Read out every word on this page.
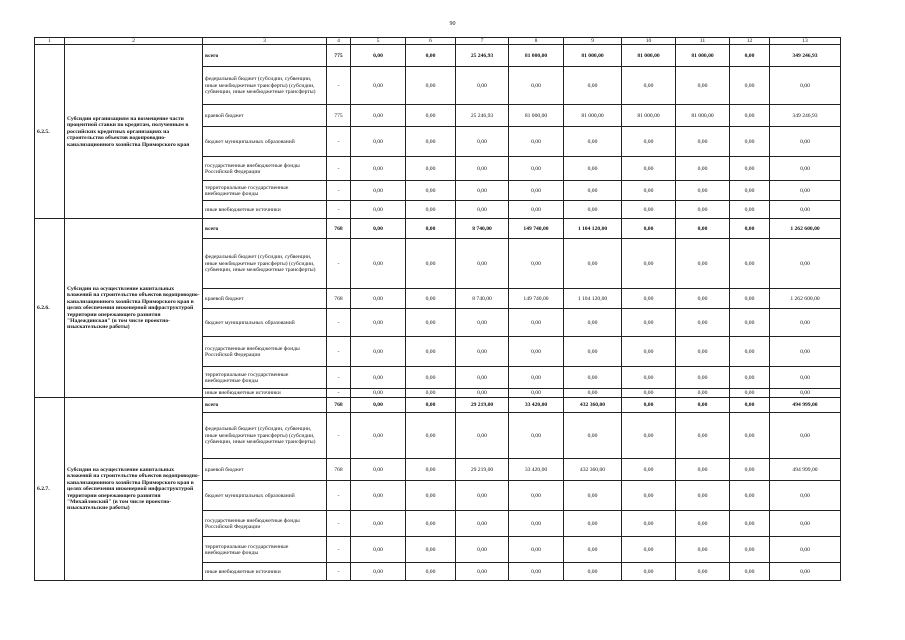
90
1	2	3	4	5	6	7	8	9	10	11	12	13
6.2.5.	Субсидии организациям на возмещение части процентной ставки по кредитам, полученным в российских кредитных организациях на строительство объектов водопроводно-канализационного хозяйства Приморского края	всего	775	0,00	0,00	25 246,93	81 000,00	81 000,00	81 000,00	81 000,00	0,00	349 246,93
		федеральный бюджет (субсидии, субвенции, иные межбюджетные трансферты) (субсидии, субвенции, иные межбюджетные трансферты)	-	0,00	0,00	0,00	0,00	0,00	0,00	0,00	0,00	0,00
		краевой бюджет	775	0,00	0,00	25 246,93	81 000,00	81 000,00	81 000,00	81 000,00	0,00	349 246,93
		бюджет муниципальных образований	-	0,00	0,00	0,00	0,00	0,00	0,00	0,00	0,00	0,00
		государственные внебюджетные фонды Российской Федерации	-	0,00	0,00	0,00	0,00	0,00	0,00	0,00	0,00	0,00
		территориальные государственные внебюджетные фонды	-	0,00	0,00	0,00	0,00	0,00	0,00	0,00	0,00	0,00
		иные внебюджетные источники	-	0,00	0,00	0,00	0,00	0,00	0,00	0,00	0,00	0,00
6.2.6.	Субсидии на осуществление капитальных вложений на строительство объектов водопроводно-канализационного хозяйства Приморского края в целях обеспечения инженерной инфраструктурой территории опережающего развития "Надеждинская" (в том числе проектно-изыскательские работы)	всего	768	0,00	0,00	8 740,00	149 740,00	1 104 120,00	0,00	0,00	0,00	1 262 600,00
		федеральный бюджет (субсидии, субвенции, иные межбюджетные трансферты) (субсидии, субвенции, иные межбюджетные трансферты)	-	0,00	0,00	0,00	0,00	0,00	0,00	0,00	0,00	0,00
		краевой бюджет	768	0,00	0,00	8 740,00	149 740,00	1 104 120,00	0,00	0,00	0,00	1 262 600,00
		бюджет муниципальных образований	-	0,00	0,00	0,00	0,00	0,00	0,00	0,00	0,00	0,00
		государственные внебюджетные фонды Российской Федерации	-	0,00	0,00	0,00	0,00	0,00	0,00	0,00	0,00	0,00
		территориальные государственные внебюджетные фонды	-	0,00	0,00	0,00	0,00	0,00	0,00	0,00	0,00	0,00
		иные внебюджетные источники	-	0,00	0,00	0,00	0,00	0,00	0,00	0,00	0,00	0,00
6.2.7.	Субсидии на осуществление капитальных вложений на строительство объектов водопроводно-канализационного хозяйства Приморского края в целях обеспечения инженерной инфраструктурой территории опережающего развития "Михайловский" (в том числе проектно-изыскательские работы)	всего	768	0,00	0,00	29 219,00	33 420,00	432 360,00	0,00	0,00	0,00	494 999,00
		федеральный бюджет (субсидии, субвенции, иные межбюджетные трансферты) (субсидии, субвенции, иные межбюджетные трансферты)	-	0,00	0,00	0,00	0,00	0,00	0,00	0,00	0,00	0,00
		краевой бюджет	768	0,00	0,00	29 219,00	33 420,00	432 360,00	0,00	0,00	0,00	494 999,00
		бюджет муниципальных образований	-	0,00	0,00	0,00	0,00	0,00	0,00	0,00	0,00	0,00
		государственные внебюджетные фонды Российской Федерации	-	0,00	0,00	0,00	0,00	0,00	0,00	0,00	0,00	0,00
		территориальные государственные внебюджетные фонды	-	0,00	0,00	0,00	0,00	0,00	0,00	0,00	0,00	0,00
		иные внебюджетные источники	-	0,00	0,00	0,00	0,00	0,00	0,00	0,00	0,00	0,00
